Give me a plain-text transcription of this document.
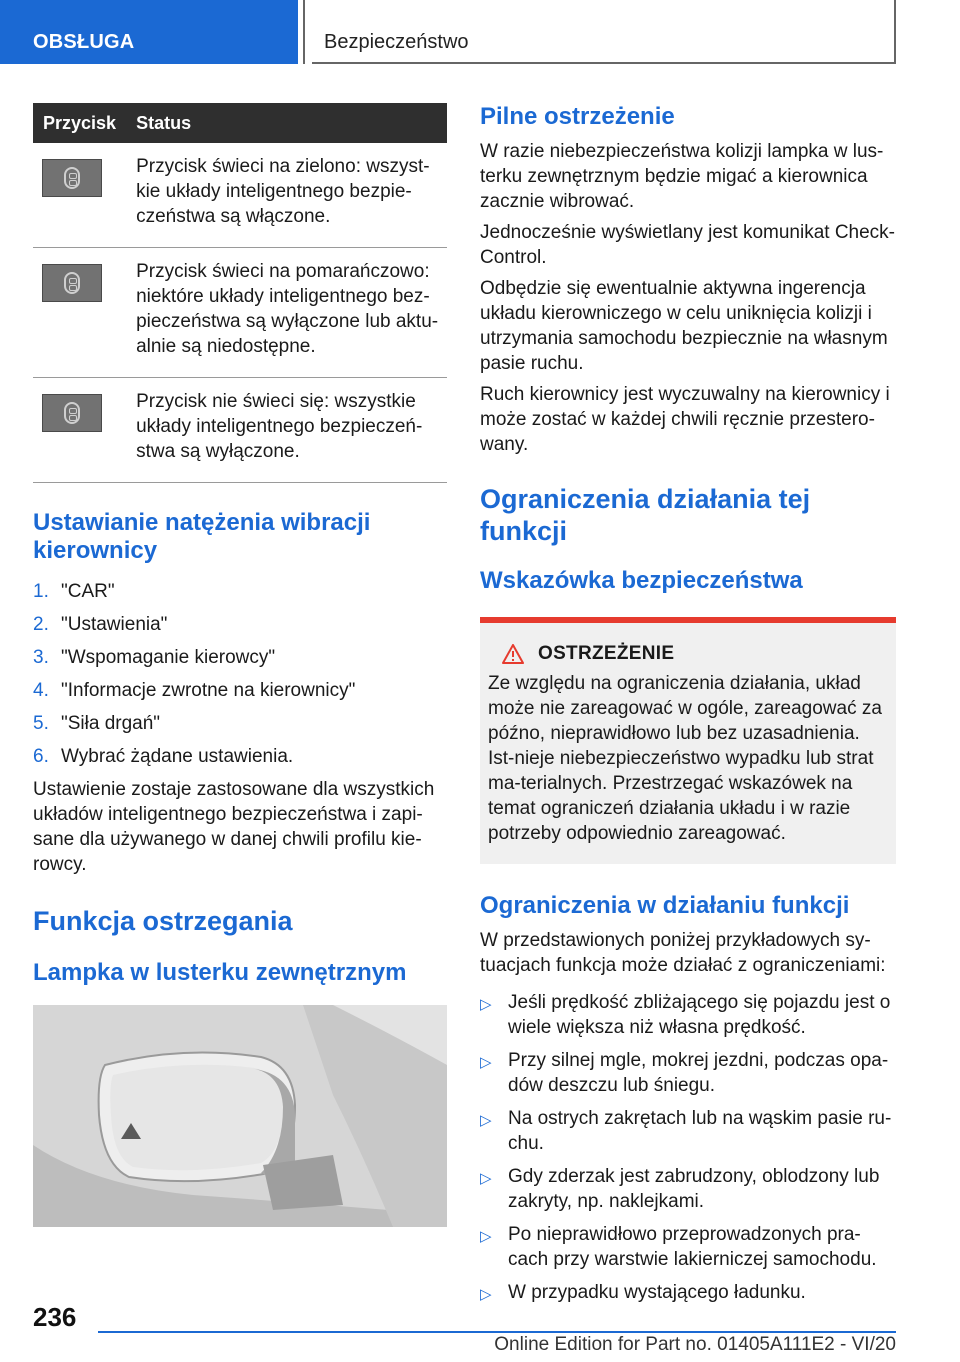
OBSŁUGA	Bezpieczeństwo
Przycisk	Status

	Przycisk świeci na zielono: wszyst-kie układy inteligentnego bezpie-czeństwa są włączone.

	Przycisk świeci na pomarańczowo: niektóre układy inteligentnego bez-pieczeństwa są wyłączone lub aktu-alnie są niedostępne.

	Przycisk nie świeci się: wszystkie układy inteligentnego bezpieczeń-stwa są wyłączone.
Ustawianie natężenia wibracji kierownicy
1. "CAR"
2. "Ustawienia"
3. "Wspomaganie kierowcy"
4. "Informacje zwrotne na kierownicy"
5. "Siła drgań"
6. Wybrać żądane ustawienia.

Ustawienie zostaje zastosowane dla wszystkich układów inteligentnego bezpieczeństwa i zapi-sane dla używanego w danej chwili profilu kie-rowcy.

Funkcja ostrzegania
Lampka w lusterku zewnętrznym
Pilne ostrzeżenie

W razie niebezpieczeństwa kolizji lampka w lus-terku zewnętrznym będzie migać a kierownica zacznie wibrować.

Jednocześnie wyświetlany jest komunikat Check-Control.

Odbędzie się ewentualnie aktywna ingerencja układu kierowniczego w celu uniknięcia kolizji i utrzymania samochodu bezpiecznie na własnym pasie ruchu.

Ruch kierownicy jest wyczuwalny na kierownicy i może zostać w każdej chwili ręcznie przestero-wany.

Ograniczenia działania tej funkcji
Wskazówka bezpieczeństwa
OSTRZEŻENIE

Ze względu na ograniczenia działania, układ może nie zareagować w ogóle, zareagować za późno, nieprawidłowo lub bez uzasadnienia. Ist-nieje niebezpieczeństwo wypadku lub strat ma-terialnych. Przestrzegać wskazówek na temat ograniczeń działania układu i w razie potrzeby odpowiednio zareagować.

Ograniczenia w działaniu funkcji

W przedstawionych poniżej przykładowych sy-tuacjach funkcja może działać z ograniczeniami:

▷ Jeśli prędkość zbliżającego się pojazdu jest o wiele większa niż własna prędkość.
▷ Przy silnej mgle, mokrej jezdni, podczas opa-dów deszczu lub śniegu.
▷ Na ostrych zakrętach lub na wąskim pasie ru-chu.
▷ Gdy zderzak jest zabrudzony, oblodzony lub zakryty, np. naklejkami.
▷ Po nieprawidłowo przeprowadzonych pra-cach przy warstwie lakierniczej samochodu.
▷ W przypadku wystającego ładunku.
236
Online Edition for Part no. 01405A111E2 - VI/20
